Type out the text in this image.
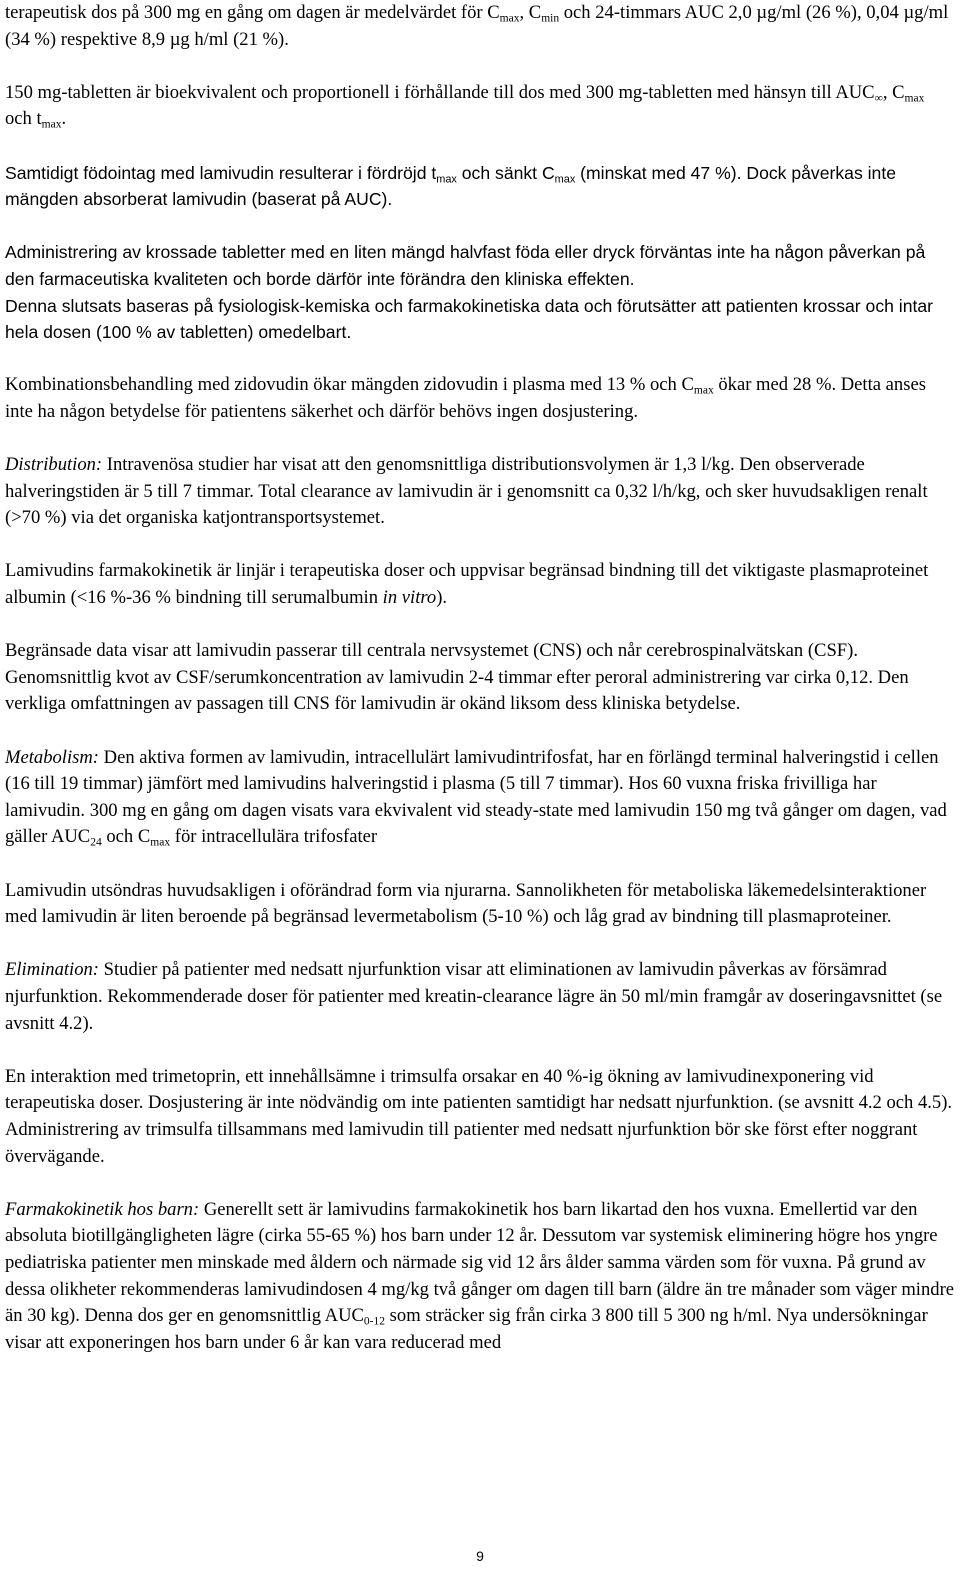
terapeutisk dos på 300 mg en gång om dagen är medelvärdet för $C_{max}$, $C_{min}$ och 24-timmars AUC 2,0 µg/ml (26 %), 0,04 µg/ml (34 %) respektive 8,9 µg h/ml (21 %).

150 mg-tabletten är bioekvivalent och proportionell i förhållande till dos med 300 mg-tabletten med hänsyn till $AUC_\infty$, $C_{max}$ och $t_{max}$.

Samtidigt födointag med lamivudin resulterar i fördröjd $t_{max}$ och sänkt $C_{max}$ (minskat med 47 %). Dock påverkas inte mängden absorberat lamivudin (baserat på AUC).

Administrering av krossade tabletter med en liten mängd halvfast föda eller dryck förväntas inte ha någon påverkan på den farmaceutiska kvaliteten och borde därför inte förändra den kliniska effekten.

Denna slutsats baseras på fysiologisk-kemiska och farmakokinetiska data och förutsätter att patienten krossar och intar hela dosen (100 % av tabletten) omedelbart.

Kombinationsbehandling med zidovudin ökar mängden zidovudin i plasma med 13 % och $C_{max}$ ökar med 28 %. Detta anses inte ha någon betydelse för patientens säkerhet och därför behövs ingen dosjustering.

Distribution: Intravenösa studier har visat att den genomsnittliga distributionsvolymen är 1,3 l/kg. Den observerade halveringstiden är 5 till 7 timmar. Total clearance av lamivudin är i genomsnitt ca 0,32 l/h/kg, och sker huvudsakligen renalt (>70 %) via det organiska katjontransportsystemet.

Lamivudins farmakokinetik är linjär i terapeutiska doser och uppvisar begränsad bindning till det viktigaste plasmaproteinet albumin (<16 %-36 % bindning till serumalbumin in vitro).

Begränsade data visar att lamivudin passerar till centrala nervsystemet (CNS) och når cerebrospinalvätskan (CSF). Genomsnittlig kvot av CSF/serumkoncentration av lamivudin 2-4 timmar efter peroral administrering var cirka 0,12. Den verkliga omfattningen av passagen till CNS för lamivudin är okänd liksom dess kliniska betydelse.

Metabolism: Den aktiva formen av lamivudin, intracellulärt lamivudintrifosfat, har en förlängd terminal halveringstid i cellen (16 till 19 timmar) jämfört med lamivudins halveringstid i plasma (5 till 7 timmar). Hos 60 vuxna friska frivilliga har lamivudin. 300 mg en gång om dagen visats vara ekvivalent vid steady-state med lamivudin 150 mg två gånger om dagen, vad gäller $AUC_{24}$ och $C_{max}$ för intracellulära trifosfater

Lamivudin utsöndras huvudsakligen i oförändrad form via njurarna. Sannolikheten för metaboliska läkemedelsinteraktioner med lamivudin är liten beroende på begränsad levermetabolism (5-10 %) och låg grad av bindning till plasmaproteiner.

Elimination: Studier på patienter med nedsatt njurfunktion visar att eliminationen av lamivudin påverkas av försämrad njurfunktion. Rekommenderade doser för patienter med kreatin-clearance lägre än 50 ml/min framgår av doseringavsnittet (se avsnitt 4.2).

En interaktion med trimetoprin, ett innehållsämne i trimsulfa orsakar en 40 %-ig ökning av lamivudinexponering vid terapeutiska doser. Dosjustering är inte nödvändig om inte patienten samtidigt har nedsatt njurfunktion. (se avsnitt 4.2 och 4.5). Administrering av trimsulfa tillsammans med lamivudin till patienter med nedsatt njurfunktion bör ske först efter noggrant övervägande.

Farmakokinetik hos barn: Generellt sett är lamivudins farmakokinetik hos barn likartad den hos vuxna. Emellertid var den absoluta biotillgängligheten lägre (cirka 55-65 %) hos barn under 12 år. Dessutom var systemisk eliminering högre hos yngre pediatriska patienter men minskade med åldern och närmade sig vid 12 års ålder samma värden som för vuxna. På grund av dessa olikheter rekommenderas lamivudindosen 4 mg/kg två gånger om dagen till barn (äldre än tre månader som väger mindre än 30 kg). Denna dos ger en genomsnittlig $AUC_{0-12}$ som sträcker sig från cirka 3 800 till 5 300 ng h/ml. Nya undersökningar visar att exponeringen hos barn under 6 år kan vara reducerad med

9
